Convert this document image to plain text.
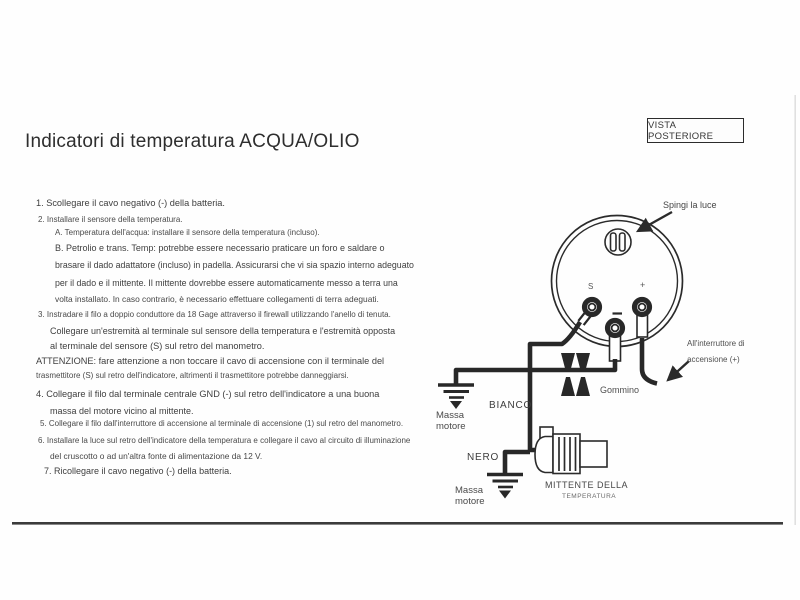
Indicatori di temperatura ACQUA/OLIO
VISTA POSTERIORE
1. Scollegare il cavo negativo (-) della batteria.
2. Installare il sensore della temperatura.
A. Temperatura dell'acqua: installare il sensore della temperatura (incluso).
B. Petrolio e trans. Temp: potrebbe essere necessario praticare un foro e saldare o
brasare il dado adattatore (incluso) in padella. Assicurarsi che vi sia spazio interno adeguato
per il dado e il mittente. Il mittente dovrebbe essere automaticamente messo a terra una
volta installato. In caso contrario, è necessario effettuare collegamenti di terra adeguati.
3. Instradare il filo a doppio conduttore da 18 Gage attraverso il firewall utilizzando l'anello di tenuta.
Collegare un'estremità al terminale sul sensore della temperatura e l'estremità opposta
al terminale del sensore (S) sul retro del manometro.
ATTENZIONE: fare attenzione a non toccare il cavo di accensione con il terminale del
trasmettitore (S) sul retro dell'indicatore, altrimenti il trasmettitore potrebbe danneggiarsi.
4. Collegare il filo dal terminale centrale GND (-) sul retro dell'indicatore a una buona
massa del motore vicino al mittente.
5. Collegare il filo dall'interruttore di accensione al terminale di accensione (1) sul retro del manometro.
6. Installare la luce sul retro dell'indicatore della temperatura e collegare il cavo al circuito di illuminazione
del cruscotto o ad un'altra fonte di alimentazione da 12 V.
7. Ricollegare il cavo negativo (-) della batteria.
Spingi la luce
S	+
All'interruttore di
accensione (+)
Gommino
BIANCO
NERO
Massa
motore
Massa
motore
MITTENTE DELLA
TEMPERATURA
